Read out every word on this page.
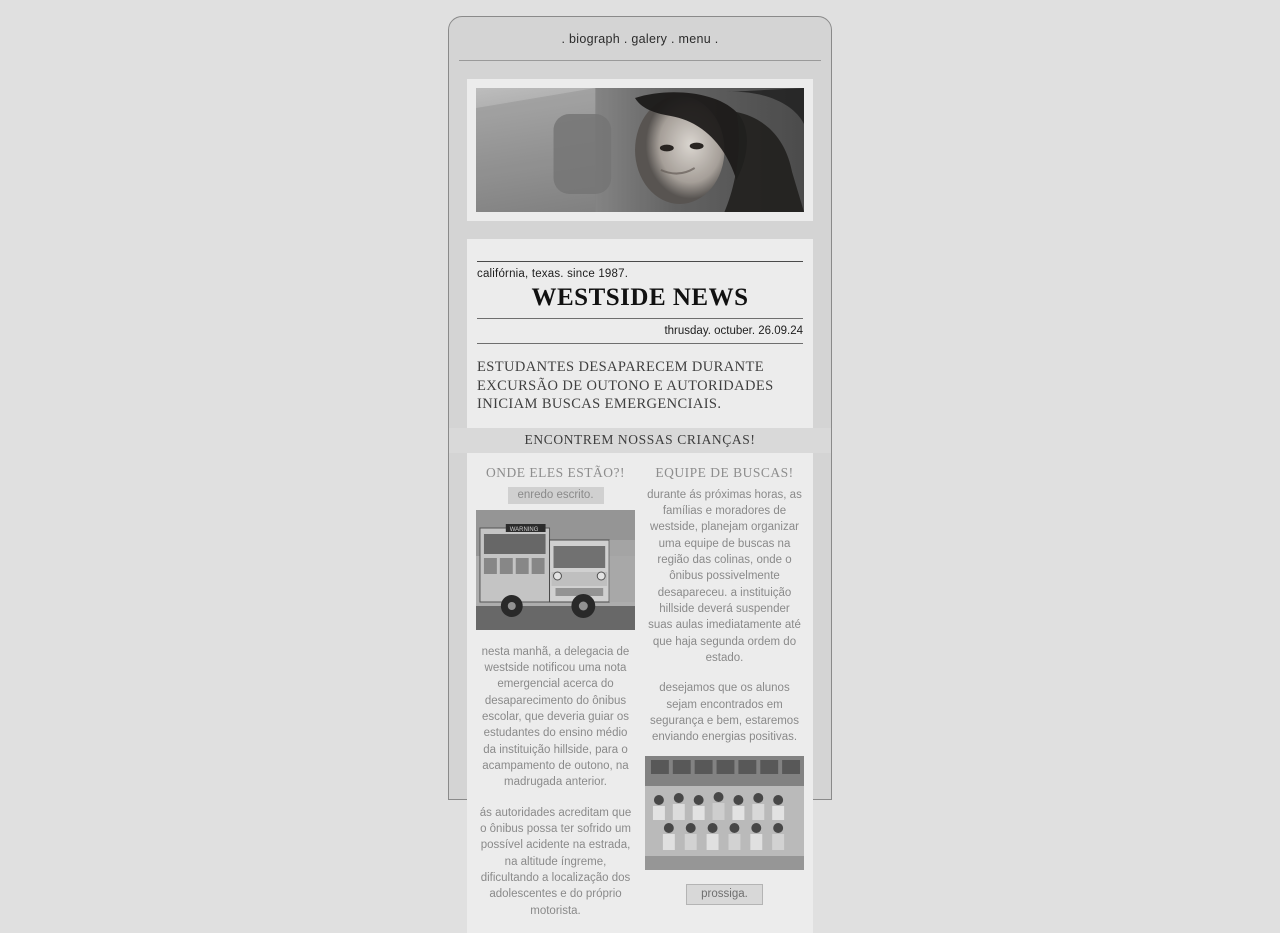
. biograph . galery . menu .
califórnia, texas. since 1987.
WESTSIDE NEWS
thrusday. octuber. 26.09.24
ESTUDANTES DESAPARECEM DURANTE EXCURSÃO DE OUTONO E AUTORIDADES INICIAM BUSCAS EMERGENCIAIS.
ENCONTREM NOSSAS CRIANÇAS!
ONDE ELES ESTÃO?!
enredo escrito.
WARNING
nesta manhã, a delegacia de westside notificou uma nota emergencial acerca do desaparecimento do ônibus escolar, que deveria guiar os estudantes do ensino médio da instituição hillside, para o acampamento de outono, na madrugada anterior.
ás autoridades acreditam que o ônibus possa ter sofrido um possível acidente na estrada, na altitude íngreme, dificultando a localização dos adolescentes e do próprio motorista.
EQUIPE DE BUSCAS!
durante ás próximas horas, as famílias e moradores de westside, planejam organizar uma equipe de buscas na região das colinas, onde o ônibus possivelmente desapareceu. a instituição hillside deverá suspender suas aulas imediatamente até que haja segunda ordem do estado.
desejamos que os alunos sejam encontrados em segurança e bem, estaremos enviando energias positivas.
prossiga.
